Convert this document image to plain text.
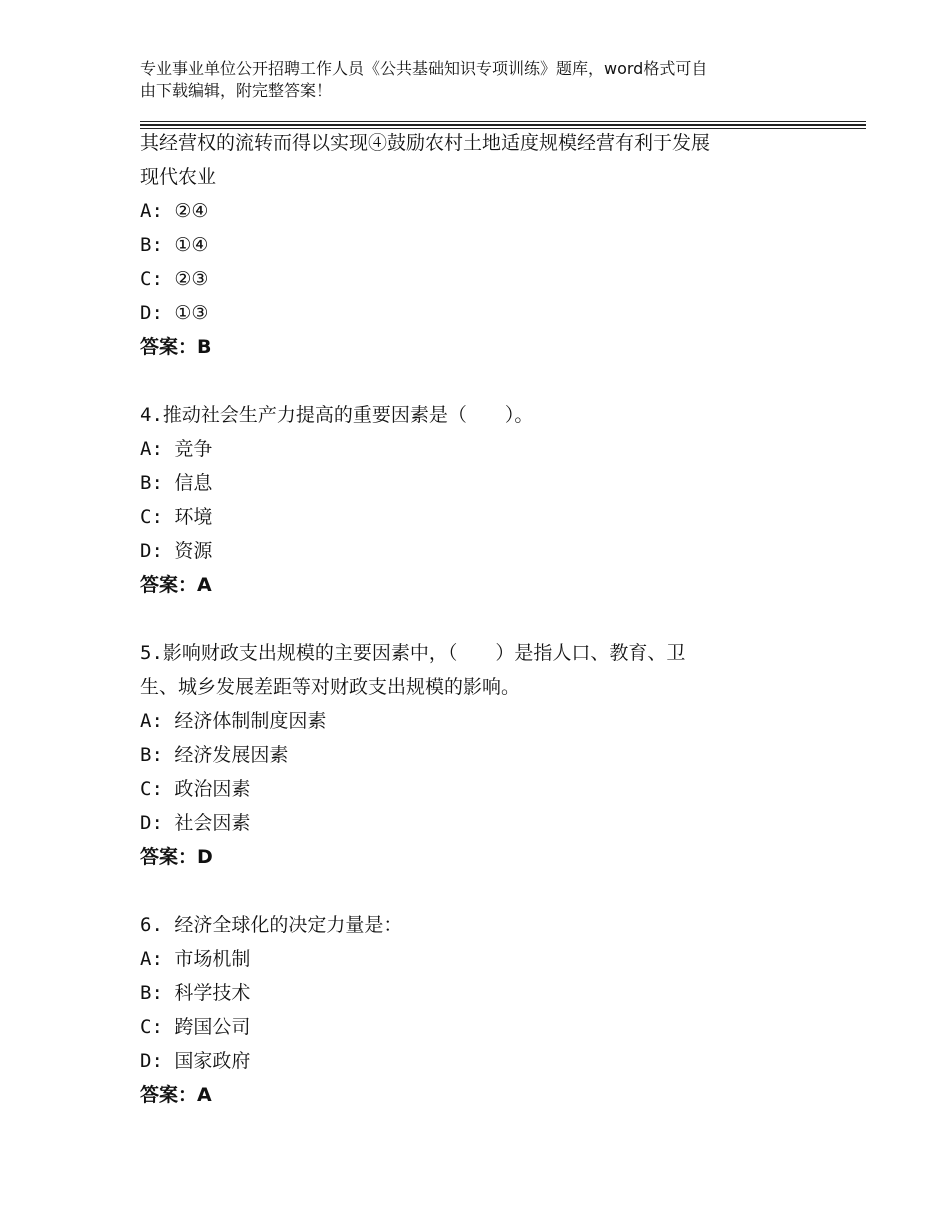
专业事业单位公开招聘工作人员《公共基础知识专项训练》题库，word格式可自
由下载编辑，附完整答案！
其经营权的流转而得以实现④鼓励农村土地适度规模经营有利于发展
现代农业
A: ②④
B: ①④
C: ②③
D: ①③
答案：B
4.推动社会生产力提高的重要因素是（　　）。
A: 竞争
B: 信息
C: 环境
D: 资源
答案：A
5.影响财政支出规模的主要因素中，（　　）是指人口、教育、卫
生、城乡发展差距等对财政支出规模的影响。
A: 经济体制制度因素
B: 经济发展因素
C: 政治因素
D: 社会因素
答案：D
6. 经济全球化的决定力量是：
A: 市场机制
B: 科学技术
C: 跨国公司
D: 国家政府
答案：A
